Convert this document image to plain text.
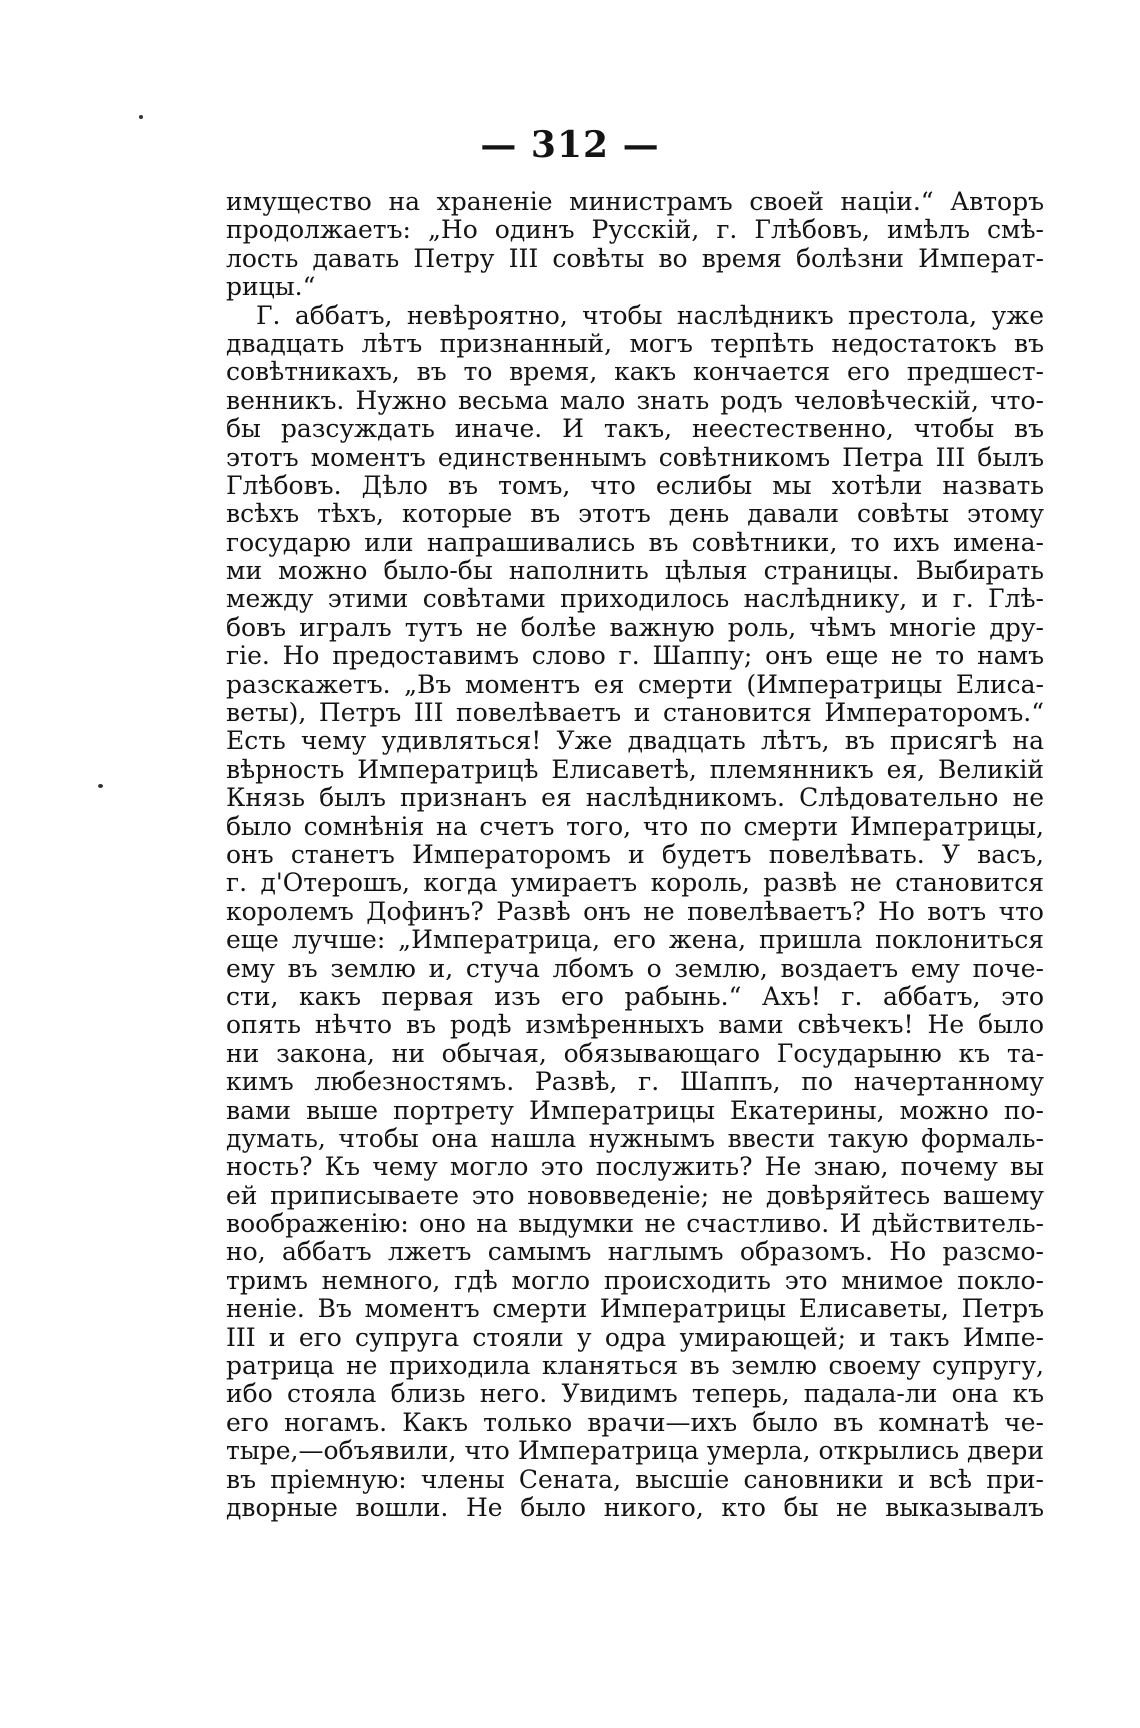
— 312 —
имущество на храненіе министрамъ своей націи.“ Авторъ
продолжаетъ: „Но одинъ Русскій, г. Глѣбовъ, имѣлъ смѣ-
лость давать Петру III совѣты во время болѣзни Императ-
рицы.“
Г. аббатъ, невѣроятно, чтобы наслѣдникъ престола, уже
двадцать лѣтъ признанный, могъ терпѣть недостатокъ въ
совѣтникахъ, въ то время, какъ кончается его предшест-
венникъ. Нужно весьма мало знать родъ человѣческій, что-
бы разсуждать иначе. И такъ, неестественно, чтобы въ
этотъ моментъ единственнымъ совѣтникомъ Петра III былъ
Глѣбовъ. Дѣло въ томъ, что еслибы мы хотѣли назвать
всѣхъ тѣхъ, которые въ этотъ день давали совѣты этому
государю или напрашивались въ совѣтники, то ихъ имена-
ми можно было-бы наполнить цѣлыя страницы. Выбирать
между этими совѣтами приходилось наслѣднику, и г. Глѣ-
бовъ игралъ тутъ не болѣе важную роль, чѣмъ многіе дру-
гіе. Но предоставимъ слово г. Шаппу; онъ еще не то намъ
разскажетъ. „Въ моментъ ея смерти (Императрицы Елисa-
веты), Петръ III повелѣваетъ и становится Императоромъ.“
Есть чему удивляться! Уже двадцать лѣтъ, въ присягѣ на
вѣрность Императрицѣ Елисаветѣ, племянникъ ея, Великій
Князь былъ признанъ ея наслѣдникомъ. Слѣдовательно не
было сомнѣнія на счетъ того, что по смерти Императрицы,
онъ станетъ Императоромъ и будетъ повелѣвать. У васъ,
г. д'Отерошъ, когда умираетъ король, развѣ не становится
королемъ Дофинъ? Развѣ онъ не повелѣваетъ? Но вотъ что
еще лучше: „Императрица, его жена, пришла поклониться
ему въ землю и, стуча лбомъ о землю, воздаетъ ему поче-
сти, какъ первая изъ его рабынь.“ Ахъ! г. аббатъ, это
опять нѣчто въ родѣ измѣренныхъ вами свѣчекъ! Не было
ни закона, ни обычая, обязывающаго Государыню къ та-
кимъ любезностямъ. Развѣ, г. Шаппъ, по начертанному
вами выше портрету Императрицы Екатерины, можно по-
думать, чтобы она нашла нужнымъ ввести такую формаль-
ность? Къ чему могло это послужить? Не знаю, почему вы
ей приписываете это нововведеніе; не довѣряйтесь вашему
воображенію: оно на выдумки не счастливо. И дѣйствитель-
но, аббатъ лжетъ самымъ наглымъ образомъ. Но разсмо-
тримъ немного, гдѣ могло происходить это мнимое покло-
неніе. Въ моментъ смерти Императрицы Елисаветы, Петръ
III и его супруга стояли у одра умирающей; и такъ Импе-
ратрица не приходила кланяться въ землю своему супругу,
ибо стояла близь него. Увидимъ теперь, падала-ли она къ
его ногамъ. Какъ только врачи—ихъ было въ комнатѣ че-
тыре,—объявили, что Императрица умерла, открылись двери
въ пріемную: члены Сената, высшіе сановники и всѣ при-
дворные вошли. Не было никого, кто бы не выказывалъ
